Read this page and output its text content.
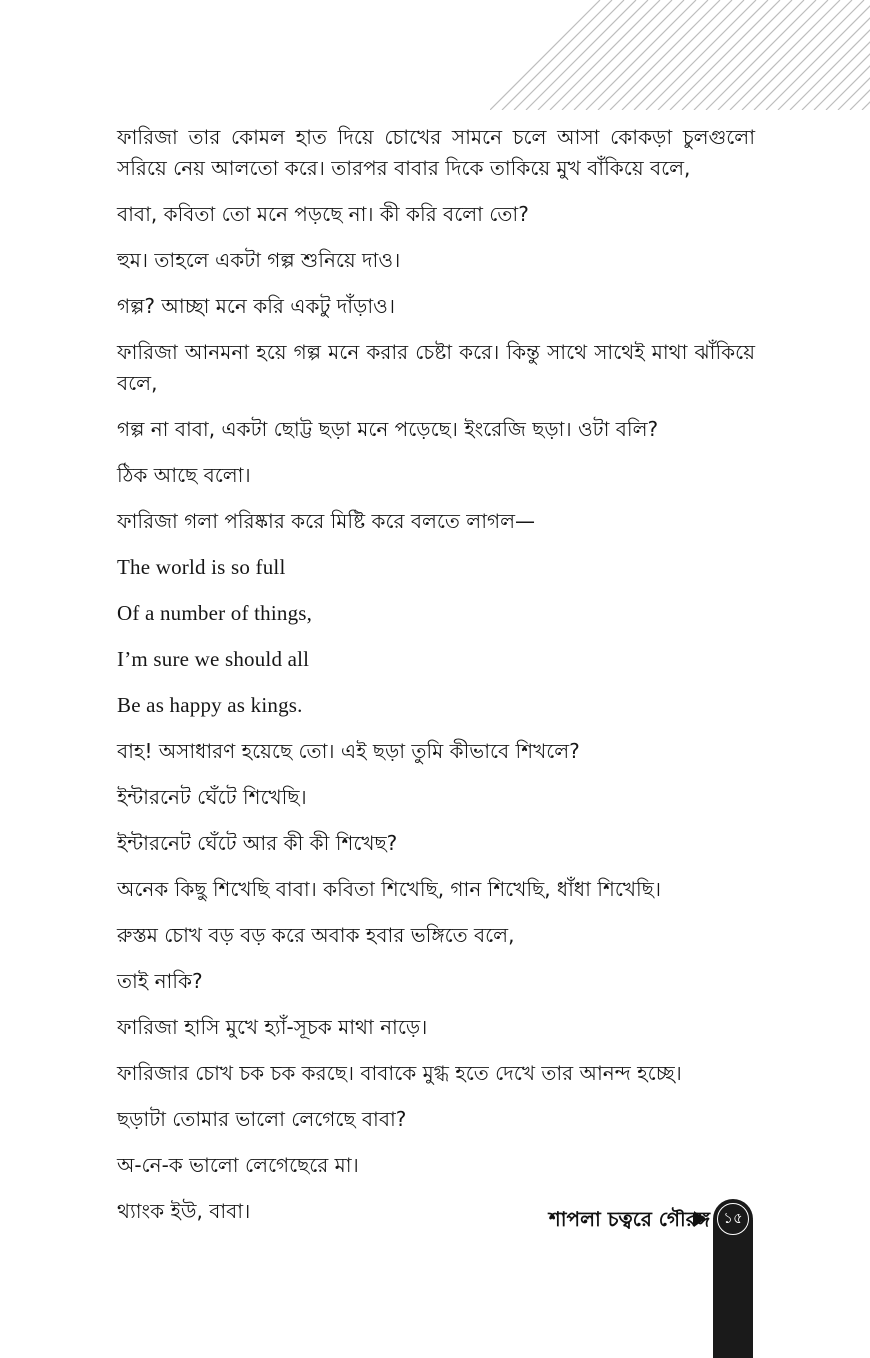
ফারিজা তার কোমল হাত দিয়ে চোখের সামনে চলে আসা কোকড়া চুলগুলো সরিয়ে নেয় আলতো করে। তারপর বাবার দিকে তাকিয়ে মুখ বাঁকিয়ে বলে,

বাবা, কবিতা তো মনে পড়ছে না। কী করি বলো তো?

হুম। তাহলে একটা গল্প শুনিয়ে দাও।

গল্প? আচ্ছা মনে করি একটু দাঁড়াও।

ফারিজা আনমনা হয়ে গল্প মনে করার চেষ্টা করে। কিন্তু সাথে সাথেই মাথা ঝাঁকিয়ে বলে,

গল্প না বাবা, একটা ছোট্ট ছড়া মনে পড়েছে। ইংরেজি ছড়া। ওটা বলি?

ঠিক আছে বলো।

ফারিজা গলা পরিষ্কার করে মিষ্টি করে বলতে লাগল—

The world is so full

Of a number of things,

I’m sure we should all

Be as happy as kings.

বাহ! অসাধারণ হয়েছে তো। এই ছড়া তুমি কীভাবে শিখলে?

ইন্টারনেট ঘেঁটে শিখেছি।

ইন্টারনেট ঘেঁটে আর কী কী শিখেছ?

অনেক কিছু শিখেছি বাবা। কবিতা শিখেছি, গান শিখেছি, ধাঁধা শিখেছি।

রুস্তম চোখ বড় বড় করে অবাক হবার ভঙ্গিতে বলে,

তাই নাকি?

ফারিজা হাসি মুখে হ্যাঁ-সূচক মাথা নাড়ে।

ফারিজার চোখ চক চক করছে। বাবাকে মুগ্ধ হতে দেখে তার আনন্দ হচ্ছে।

ছড়াটা তোমার ভালো লেগেছে বাবা?

অ-নে-ক ভালো লেগেছেরে মা।

থ্যাংক ইউ, বাবা।	শাপলা চত্বরে গৌরঙ্গ ১৫
